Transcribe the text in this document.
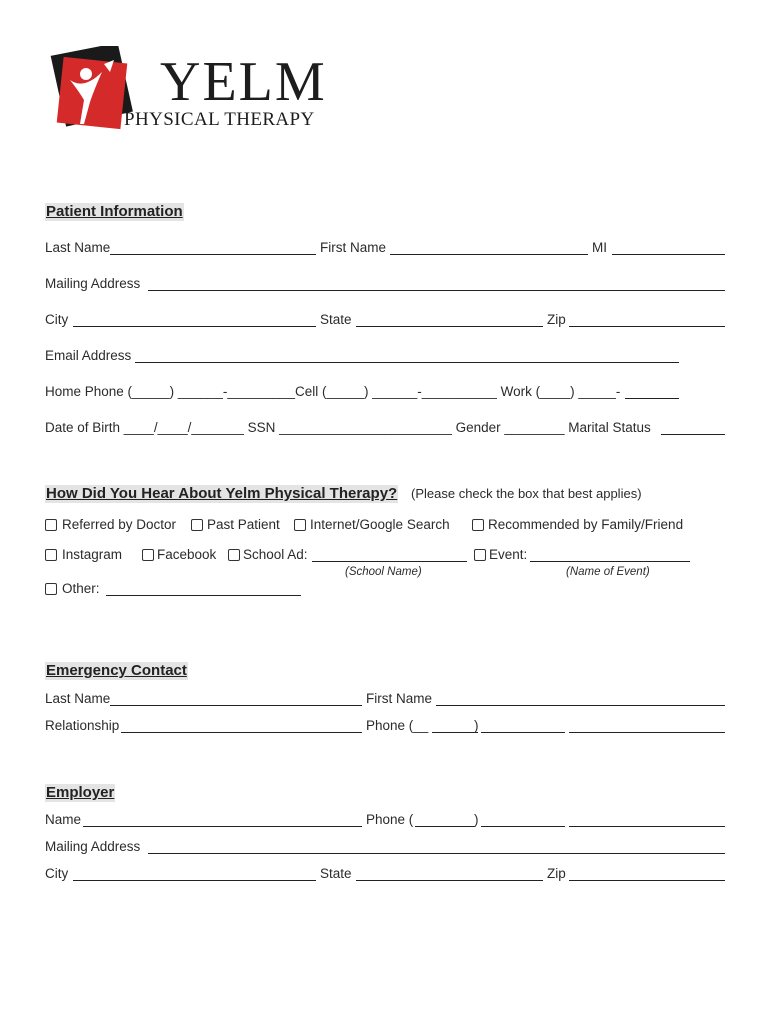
YELM
PHYSICAL THERAPY
Patient Information
Last Name	First Name	MI
Mailing Address
City	State	Zip
Email Address
Home Phone (_____) ______-_________Cell (_____) ______-__________ Work (____) _____-
Date of Birth ____/____/_______ SSN _______________________ Gender ________ Marital Status
How Did You Hear About Yelm Physical Therapy? (Please check the box that best applies)
Referred by Doctor Past Patient Internet/Google Search	Recommended by Family/Friend
Instagram	Facebook School Ad:	Event:
(School Name)	(Name of Event)
Other:
Emergency Contact
Last Name	First Name
Relationship	Phone (__	)
Employer
Name	Phone (	)
Mailing Address
City	State	Zip
